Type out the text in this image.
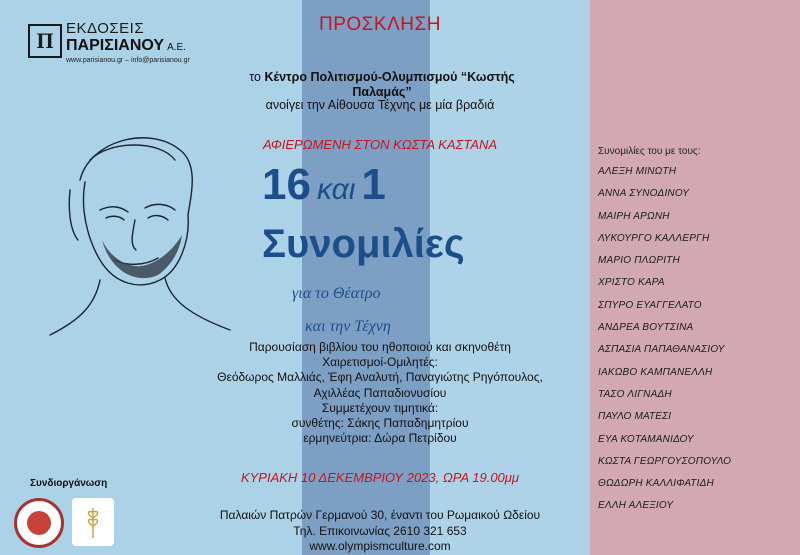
Π ΕΚΔΟΣΕΙΣ
ΠΑΡΙΣΙΑΝΟΥ Α.Ε.
www.parisianou.gr – info@parisianou.gr
ΠΡΟΣΚΛΗΣΗ
το Κέντρο Πολιτισμού-Ολυμπισμού “Κωστής Παλαμάς”
ανοίγει την Αίθουσα Τέχνης με μία βραδιά
ΑΦΙΕΡΩΜΕΝΗ ΣΤΟΝ ΚΩΣΤΑ ΚΑΣΤΑΝΑ
16 και 1
Συνομιλίες
για το Θέατρο
και την Τέχνη
Παρουσίαση βιβλίου του ηθοποιού και σκηνοθέτη
Χαιρετισμοί-Ομιλητές:
Θεόδωρος Μαλλιάς, Έφη Αναλυτή, Παναγιώτης Ρηγόπουλος,
Αχιλλέας Παπαδιονυσίου
Συμμετέχουν τιμητικά:
συνθέτης: Σάκης Παπαδημητρίου
ερμηνεύτρια: Δώρα Πετρίδου
ΚΥΡΙΑΚΗ 10 ΔΕΚΕΜΒΡΙΟΥ 2023, ΩΡΑ 19.00μμ
Παλαιών Πατρών Γερμανού 30, έναντι του Ρωμαικού Ωδείου
Τηλ. Επικοινωνίας 2610 321 653
www.olympismculture.com
Συνδιοργάνωση
Συνομιλίες του με τους:
ΑΛΕΞΗ ΜΙΝΩΤΗ
ΑΝΝΑ ΣΥΝΟΔΙΝΟΥ
ΜΑΙΡΗ ΑΡΩΝΗ
ΛΥΚΟΥΡΓΟ ΚΑΛΛΕΡΓΗ
ΜΑΡΙΟ ΠΛΩΡΙΤΗ
ΧΡΙΣΤΟ ΚΑΡΑ
ΣΠΥΡΟ ΕΥΑΓΓΕΛΑΤΟ
ΑΝΔΡΕΑ ΒΟΥΤΣΙΝΑ
ΑΣΠΑΣΙΑ ΠΑΠΑΘΑΝΑΣΙΟΥ
ΙΑΚΩΒΟ ΚΑΜΠΑΝΕΛΛΗ
ΤΑΣΟ ΛΙΓΝΑΔΗ
ΠΑΥΛΟ ΜΑΤΕΣΙ
ΕΥΑ ΚΟΤΑΜΑΝΙΔΟΥ
ΚΩΣΤΑ ΓΕΩΡΓΟΥΣΟΠΟΥΛΟ
ΘΩΔΩΡΗ ΚΑΛΛΙΦΑΤΙΔΗ
ΕΛΛΗ ΑΛΕΞΙΟΥ
